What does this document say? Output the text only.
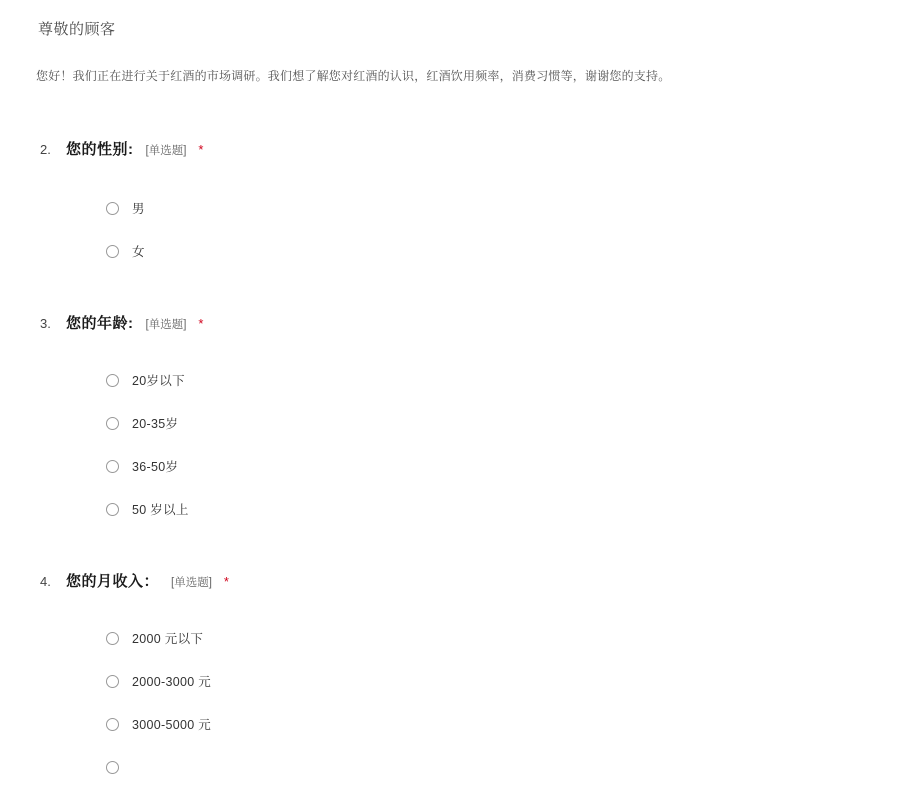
尊敬的顾客

您好！我们正在进行关于红酒的市场调研。我们想了解您对红酒的认识，红酒饮用频率，消费习惯等，谢谢您的支持。

2.	您的性别: [单选题] *
男
女
3.	您的年龄: [单选题] *
20岁以下
20-35岁
36-50岁
50 岁以上
4.	您的月收入： [单选题] *
2000 元以下
2000-3000 元
3000-5000 元
